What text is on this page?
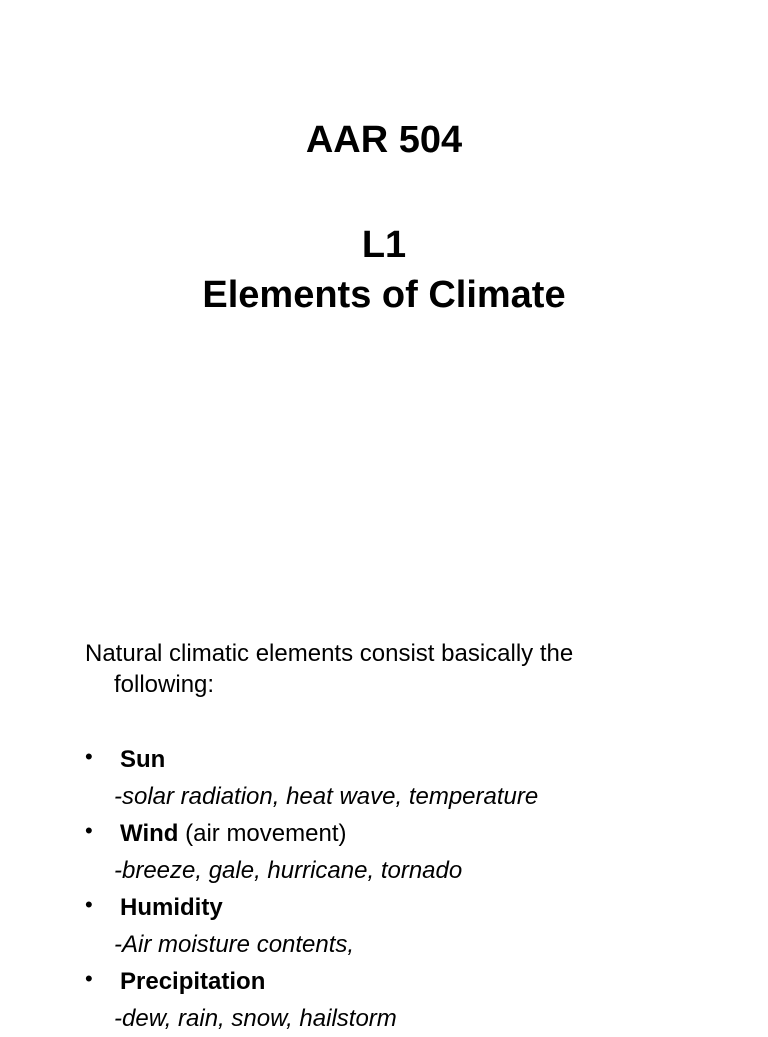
AAR 504
L1
Elements of Climate
Natural climatic elements consist basically the
following:
• Sun
-solar radiation, heat wave, temperature
• Wind (air movement)
-breeze, gale, hurricane, tornado
• Humidity
-Air moisture contents,
• Precipitation
-dew, rain, snow, hailstorm
